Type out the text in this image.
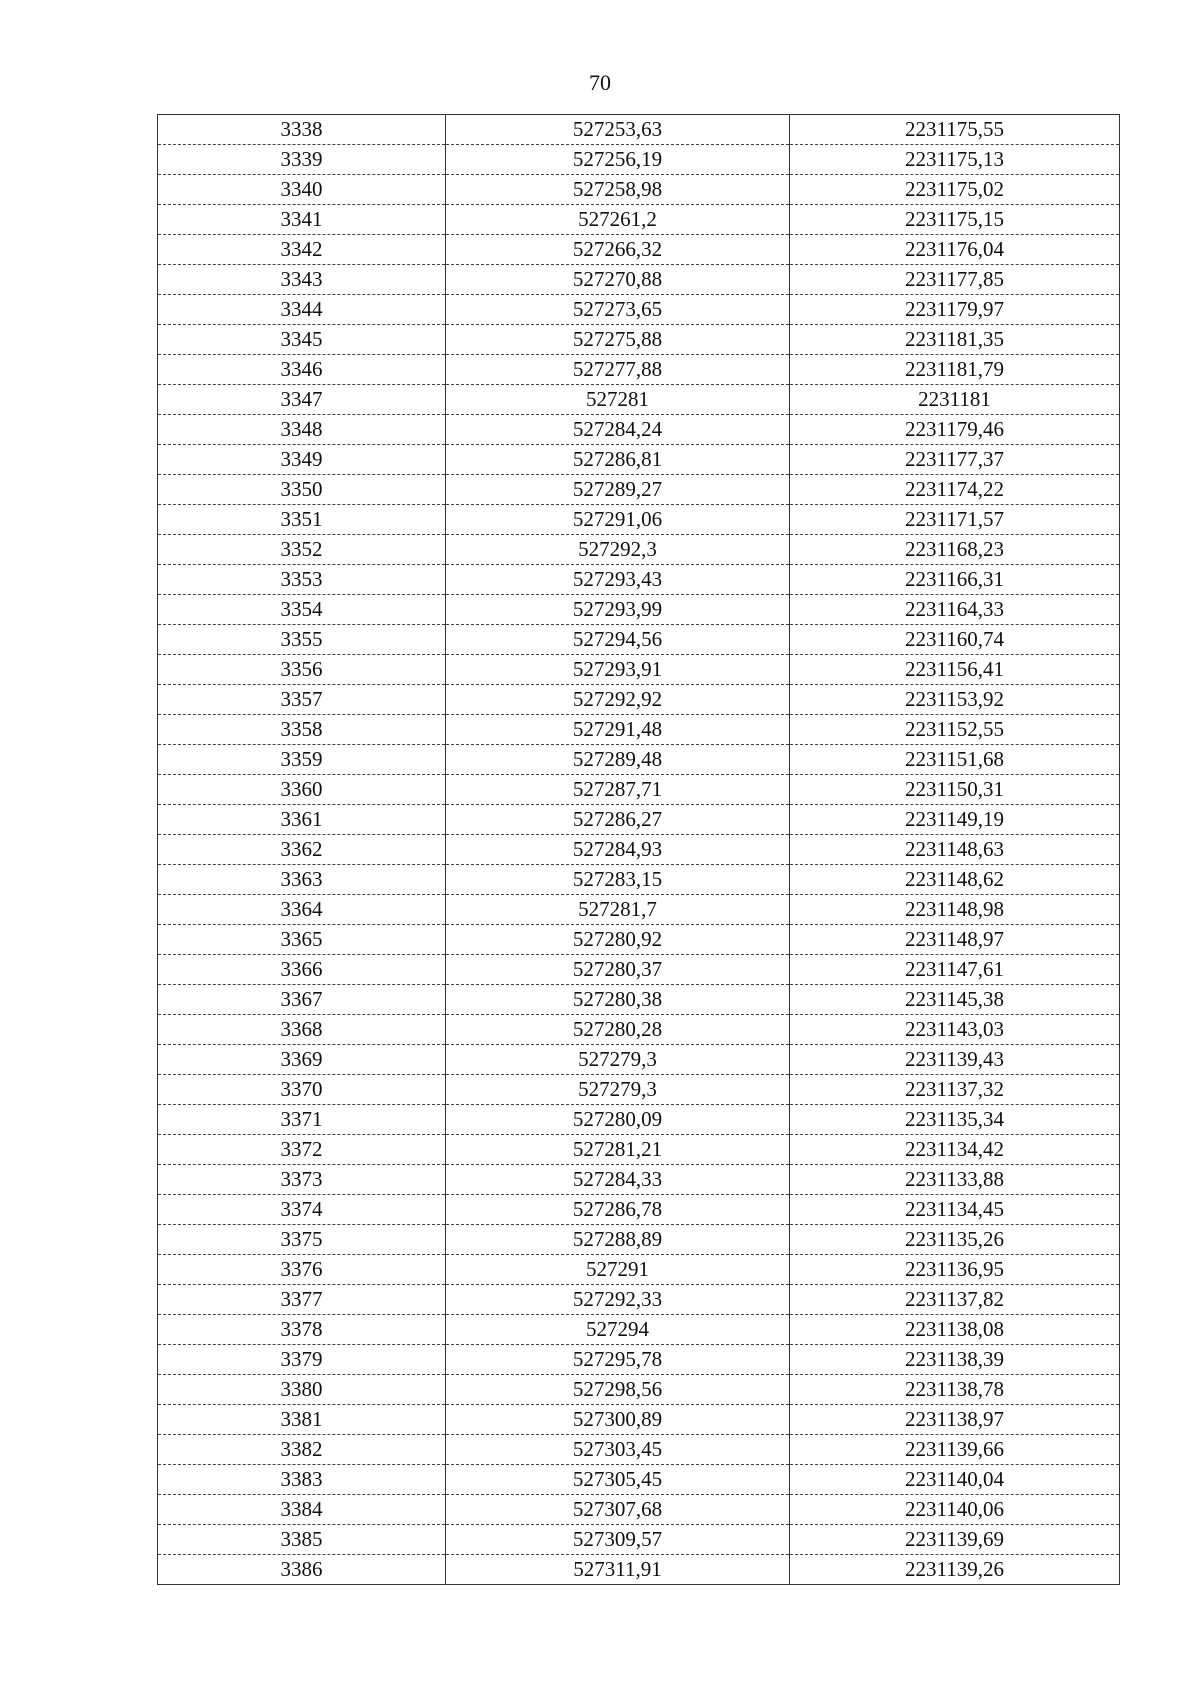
70
3338	527253,63	2231175,55
3339	527256,19	2231175,13
3340	527258,98	2231175,02
3341	527261,2	2231175,15
3342	527266,32	2231176,04
3343	527270,88	2231177,85
3344	527273,65	2231179,97
3345	527275,88	2231181,35
3346	527277,88	2231181,79
3347	527281	2231181
3348	527284,24	2231179,46
3349	527286,81	2231177,37
3350	527289,27	2231174,22
3351	527291,06	2231171,57
3352	527292,3	2231168,23
3353	527293,43	2231166,31
3354	527293,99	2231164,33
3355	527294,56	2231160,74
3356	527293,91	2231156,41
3357	527292,92	2231153,92
3358	527291,48	2231152,55
3359	527289,48	2231151,68
3360	527287,71	2231150,31
3361	527286,27	2231149,19
3362	527284,93	2231148,63
3363	527283,15	2231148,62
3364	527281,7	2231148,98
3365	527280,92	2231148,97
3366	527280,37	2231147,61
3367	527280,38	2231145,38
3368	527280,28	2231143,03
3369	527279,3	2231139,43
3370	527279,3	2231137,32
3371	527280,09	2231135,34
3372	527281,21	2231134,42
3373	527284,33	2231133,88
3374	527286,78	2231134,45
3375	527288,89	2231135,26
3376	527291	2231136,95
3377	527292,33	2231137,82
3378	527294	2231138,08
3379	527295,78	2231138,39
3380	527298,56	2231138,78
3381	527300,89	2231138,97
3382	527303,45	2231139,66
3383	527305,45	2231140,04
3384	527307,68	2231140,06
3385	527309,57	2231139,69
3386	527311,91	2231139,26
